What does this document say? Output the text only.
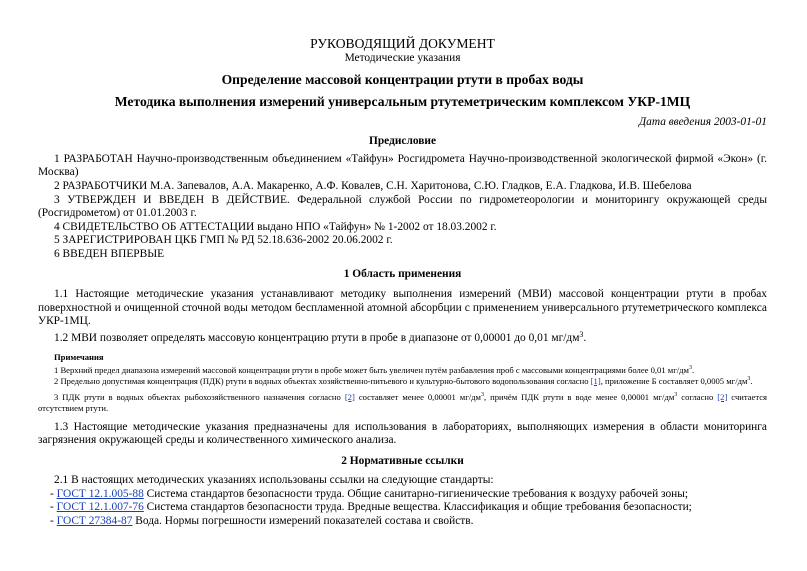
РУКОВОДЯЩИЙ ДОКУМЕНТ

Методические указания

Определение массовой концентрации ртути в пробах воды

Методика выполнения измерений универсальным ртутеметрическим комплексом УКР-1МЦ

Дата введения 2003-01-01

Предисловие

1 РАЗРАБОТАН Научно-производственным объединением «Тайфун» Росгидромета Научно-производственной экологической фирмой «Экон» (г. Москва)

2 РАЗРАБОТЧИКИ М.А. Запевалов, А.А. Макаренко, А.Ф. Ковалев, С.Н. Харитонова, С.Ю. Гладков, Е.А. Гладкова, И.В. Шебелова

3 УТВЕРЖДЕН И ВВЕДЕН В ДЕЙСТВИЕ. Федеральной службой России по гидрометеорологии и мониторингу окружающей среды (Росгидрометом) от 01.01.2003 г.

4 СВИДЕТЕЛЬСТВО ОБ АТТЕСТАЦИИ выдано НПО «Тайфун» № 1-2002 от 18.03.2002 г.

5 ЗАРЕГИСТРИРОВАН ЦКБ ГМП № РД 52.18.636-2002 20.06.2002 г.

6 ВВЕДЕН ВПЕРВЫЕ

1 Область применения

1.1 Настоящие методические указания устанавливают методику выполнения измерений (МВИ) массовой концентрации ртути в пробах поверхностной и очищенной сточной воды методом беспламенной атомной абсорбции с применением универсального ртутеметрического комплекса УКР-1МЦ.

1.2 МВИ позволяет определять массовую концентрацию ртути в пробе в диапазоне от 0,00001 до 0,01 $мг/дм^3$.

Примечания

1 Верхний предел диапазона измерений массовой концентрации ртути в пробе может быть увеличен путём разбавления проб с массовыми концентрациями более 0,01 $мг/дм^3$.

2 Предельно допустимая концентрация (ПДК) ртути в водных объектах хозяйственно-питьевого и культурно-бытового водопользования согласно [1], приложение Б составляет 0,0005 $мг/дм^3$.

3 ПДК ртути в водных объектах рыбохозяйственного назначения согласно [2] составляет менее 0,00001 $мг/дм^3$, причём ПДК ртути в воде менее 0,00001 $мг/дм^3$ согласно [2] считается отсутствием ртути.

1.3 Настоящие методические указания предназначены для использования в лабораториях, выполняющих измерения в области мониторинга загрязнения окружающей среды и количественного химического анализа.

2 Нормативные ссылки

2.1 В настоящих методических указаниях использованы ссылки на следующие стандарты:

- ГОСТ 12.1.005-88 Система стандартов безопасности труда. Общие санитарно-гигиенические требования к воздуху рабочей зоны;

- ГОСТ 12.1.007-76 Система стандартов безопасности труда. Вредные вещества. Классификация и общие требования безопасности;

- ГОСТ 27384-87 Вода. Нормы погрешности измерений показателей состава и свойств.
